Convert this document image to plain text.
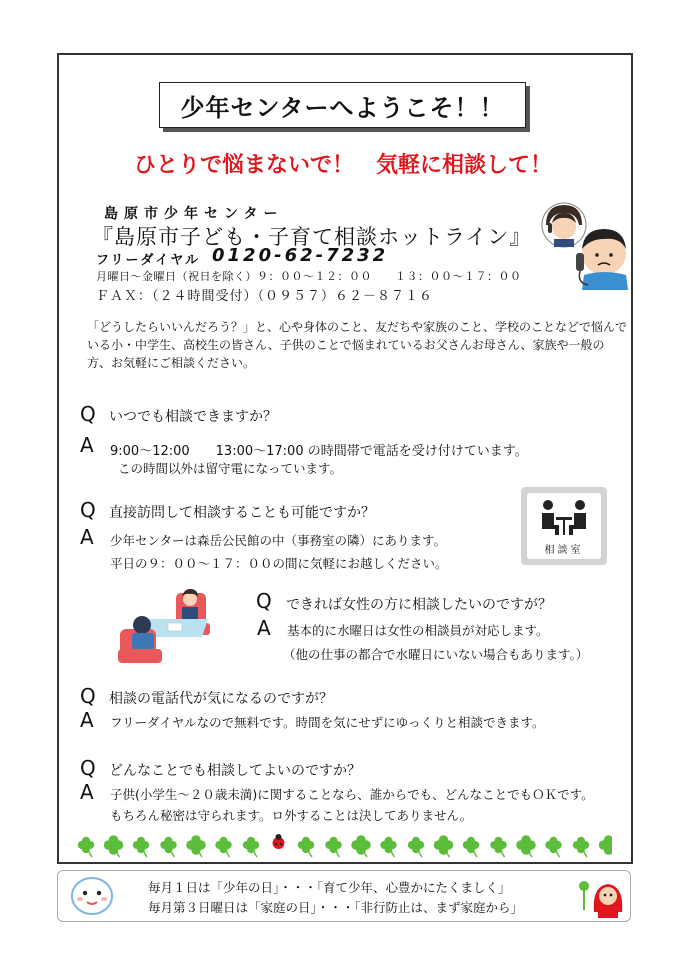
少年センターへようこそ！！
ひとりで悩まないで！　気軽に相談して！
島原市少年センター
『島原市子ども・子育て相談ホットライン』
フリーダイヤル 0120-62-7232
月曜日～金曜日（祝日を除く）９：００～１２：００　　１３：００～１７：００
ＦＡＸ：（２４時間受付）（０９５７）６２－８７１６
「どうしたらいいんだろう？」と、心や身体のこと、友だちや家族のこと、学校のことなどで悩んでいる小・中学生、高校生の皆さん、子供のことで悩まれているお父さんお母さん、家族や一般の方、お気軽にご相談ください。
Q いつでも相談できますか？
A 9:00～12:00　　13:00～17:00 の時間帯で電話を受け付けています。
この時間以外は留守電になっています。
Q 直接訪問して相談することも可能ですか？
A 少年センターは森岳公民館の中（事務室の隣）にあります。
平日の９：００～１７：００の間に気軽にお越しください。
相談室
Q できれば女性の方に相談したいのですが？
A 基本的に水曜日は女性の相談員が対応します。
（他の仕事の都合で水曜日にいない場合もあります。）
Q 相談の電話代が気になるのですが？
A フリーダイヤルなので無料です。時間を気にせずにゆっくりと相談できます。
Q どんなことでも相談してよいのですか？
A 子供(小学生～２０歳未満)に関することなら、誰からでも、どんなことでもＯＫです。
もちろん秘密は守られます。ロ外することは決してありません。
毎月１日は「少年の日」・・・「育て少年、心豊かにたくましく」
毎月第３日曜日は「家庭の日」・・・「非行防止は、まず家庭から」
